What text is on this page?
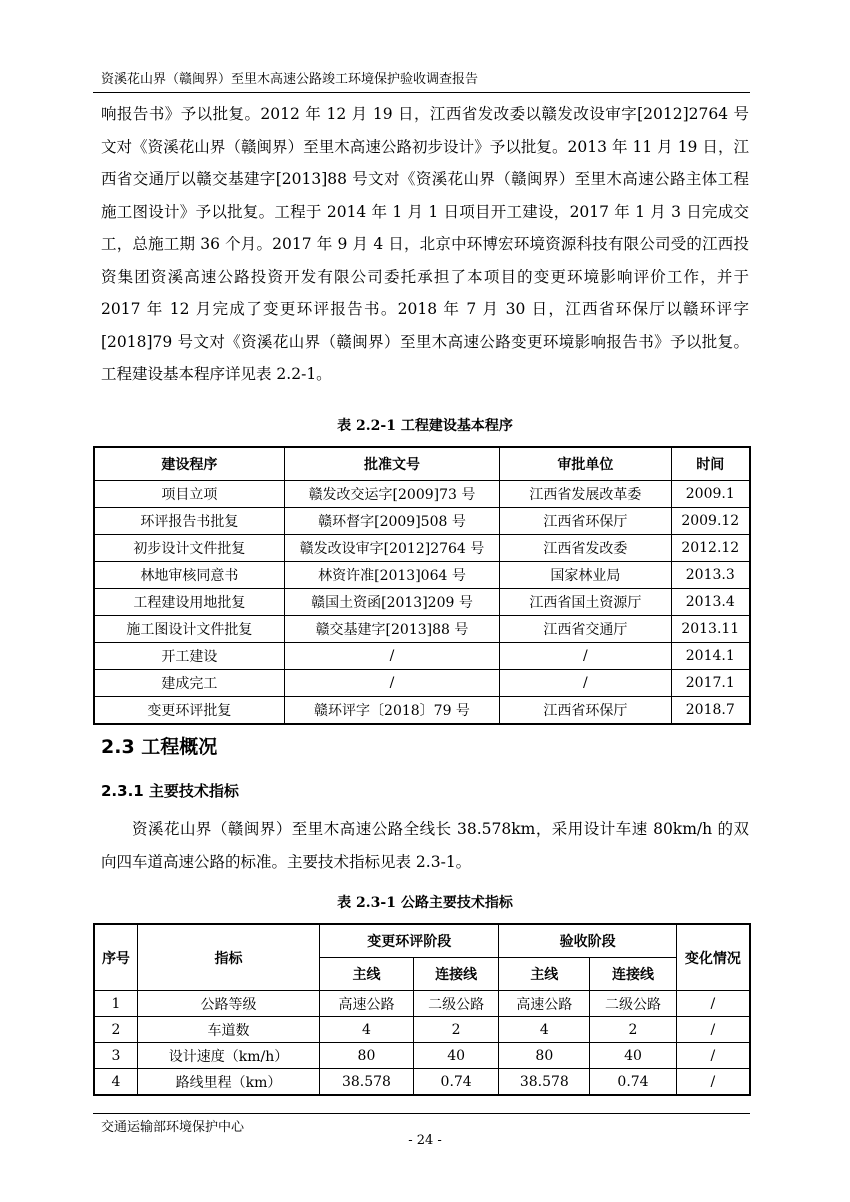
资溪花山界（赣闽界）至里木高速公路竣工环境保护验收调查报告
响报告书》予以批复。2012 年 12 月 19 日，江西省发改委以赣发改设审字[2012]2764 号文对《资溪花山界（赣闽界）至里木高速公路初步设计》予以批复。2013 年 11 月 19 日，江西省交通厅以赣交基建字[2013]88 号文对《资溪花山界（赣闽界）至里木高速公路主体工程施工图设计》予以批复。工程于 2014 年 1 月 1 日项目开工建设，2017 年 1 月 3 日完成交工，总施工期 36 个月。2017 年 9 月 4 日，北京中环博宏环境资源科技有限公司受的江西投资集团资溪高速公路投资开发有限公司委托承担了本项目的变更环境影响评价工作，并于 2017 年 12 月完成了变更环评报告书。2018 年 7 月 30 日，江西省环保厅以赣环评字[2018]79 号文对《资溪花山界（赣闽界）至里木高速公路变更环境影响报告书》予以批复。工程建设基本程序详见表 2.2-1。
表 2.2-1 工程建设基本程序
建设程序	批准文号	审批单位	时间
项目立项	赣发改交运字[2009]73 号	江西省发展改革委	2009.1
环评报告书批复	赣环督字[2009]508 号	江西省环保厅	2009.12
初步设计文件批复	赣发改设审字[2012]2764 号	江西省发改委	2012.12
林地审核同意书	林资许准[2013]064 号	国家林业局	2013.3
工程建设用地批复	赣国土资函[2013]209 号	江西省国土资源厅	2013.4
施工图设计文件批复	赣交基建字[2013]88 号	江西省交通厅	2013.11
开工建设	/	/	2014.1
建成完工	/	/	2017.1
变更环评批复	赣环评字〔2018〕79 号	江西省环保厅	2018.7
2.3 工程概况
2.3.1 主要技术指标
资溪花山界（赣闽界）至里木高速公路全线长 38.578km，采用设计车速 80km/h 的双向四车道高速公路的标准。主要技术指标见表 2.3-1。
表 2.3-1 公路主要技术指标
序号	指标	变更环评阶段		验收阶段		变化情况
		主线	连接线	主线	连接线	
1	公路等级	高速公路	二级公路	高速公路	二级公路	/
2	车道数	4	2	4	2	/
3	设计速度（km/h）	80	40	80	40	/
4	路线里程（km）	38.578	0.74	38.578	0.74	/
交通运输部环境保护中心
- 24 -
